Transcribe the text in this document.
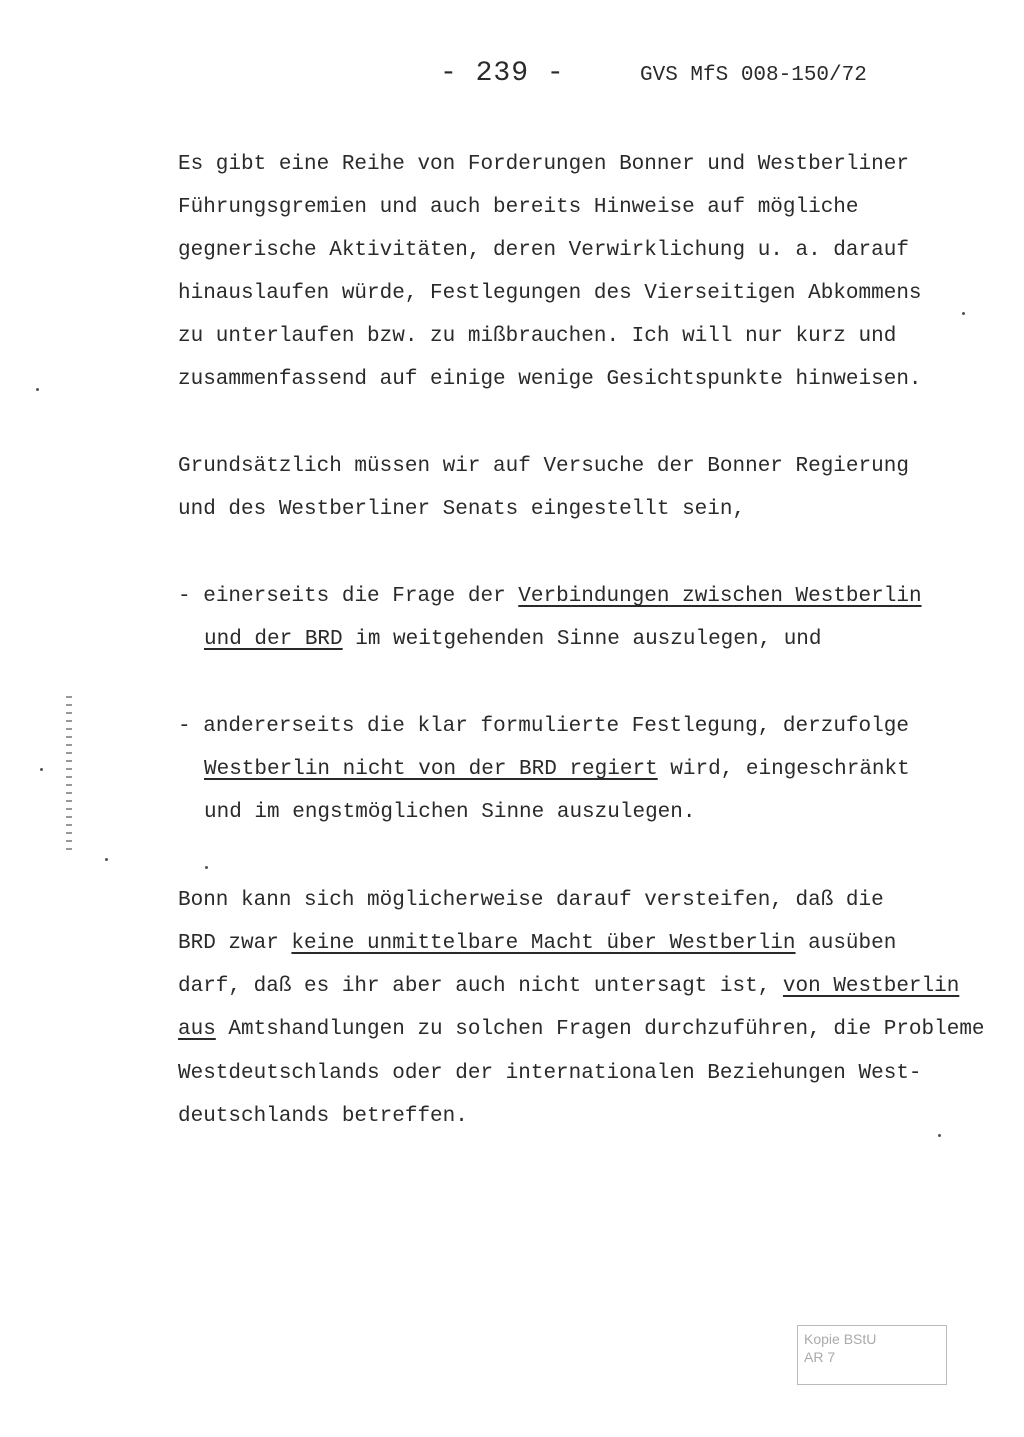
- 239 -	GVS MfS 008-150/72
Es gibt eine Reihe von Forderungen Bonner und Westberliner
Führungsgremien und auch bereits Hinweise auf mögliche
gegnerische Aktivitäten, deren Verwirklichung u. a. darauf
hinauslaufen würde, Festlegungen des Vierseitigen Abkommens
zu unterlaufen bzw. zu mißbrauchen. Ich will nur kurz und
zusammenfassend auf einige wenige Gesichtspunkte hinweisen.
Grundsätzlich müssen wir auf Versuche der Bonner Regierung
und des Westberliner Senats eingestellt sein,
- einerseits die Frage der Verbindungen zwischen Westberlin
und der BRD im weitgehenden Sinne auszulegen, und
- andererseits die klar formulierte Festlegung, derzufolge
Westberlin nicht von der BRD regiert wird, eingeschränkt
und im engstmöglichen Sinne auszulegen.
Bonn kann sich möglicherweise darauf versteifen, daß die
BRD zwar keine unmittelbare Macht über Westberlin ausüben
darf, daß es ihr aber auch nicht untersagt ist, von Westberlin
aus Amtshandlungen zu solchen Fragen durchzuführen, die Probleme
Westdeutschlands oder der internationalen Beziehungen West-
deutschlands betreffen.
Kopie BStU
AR 7
